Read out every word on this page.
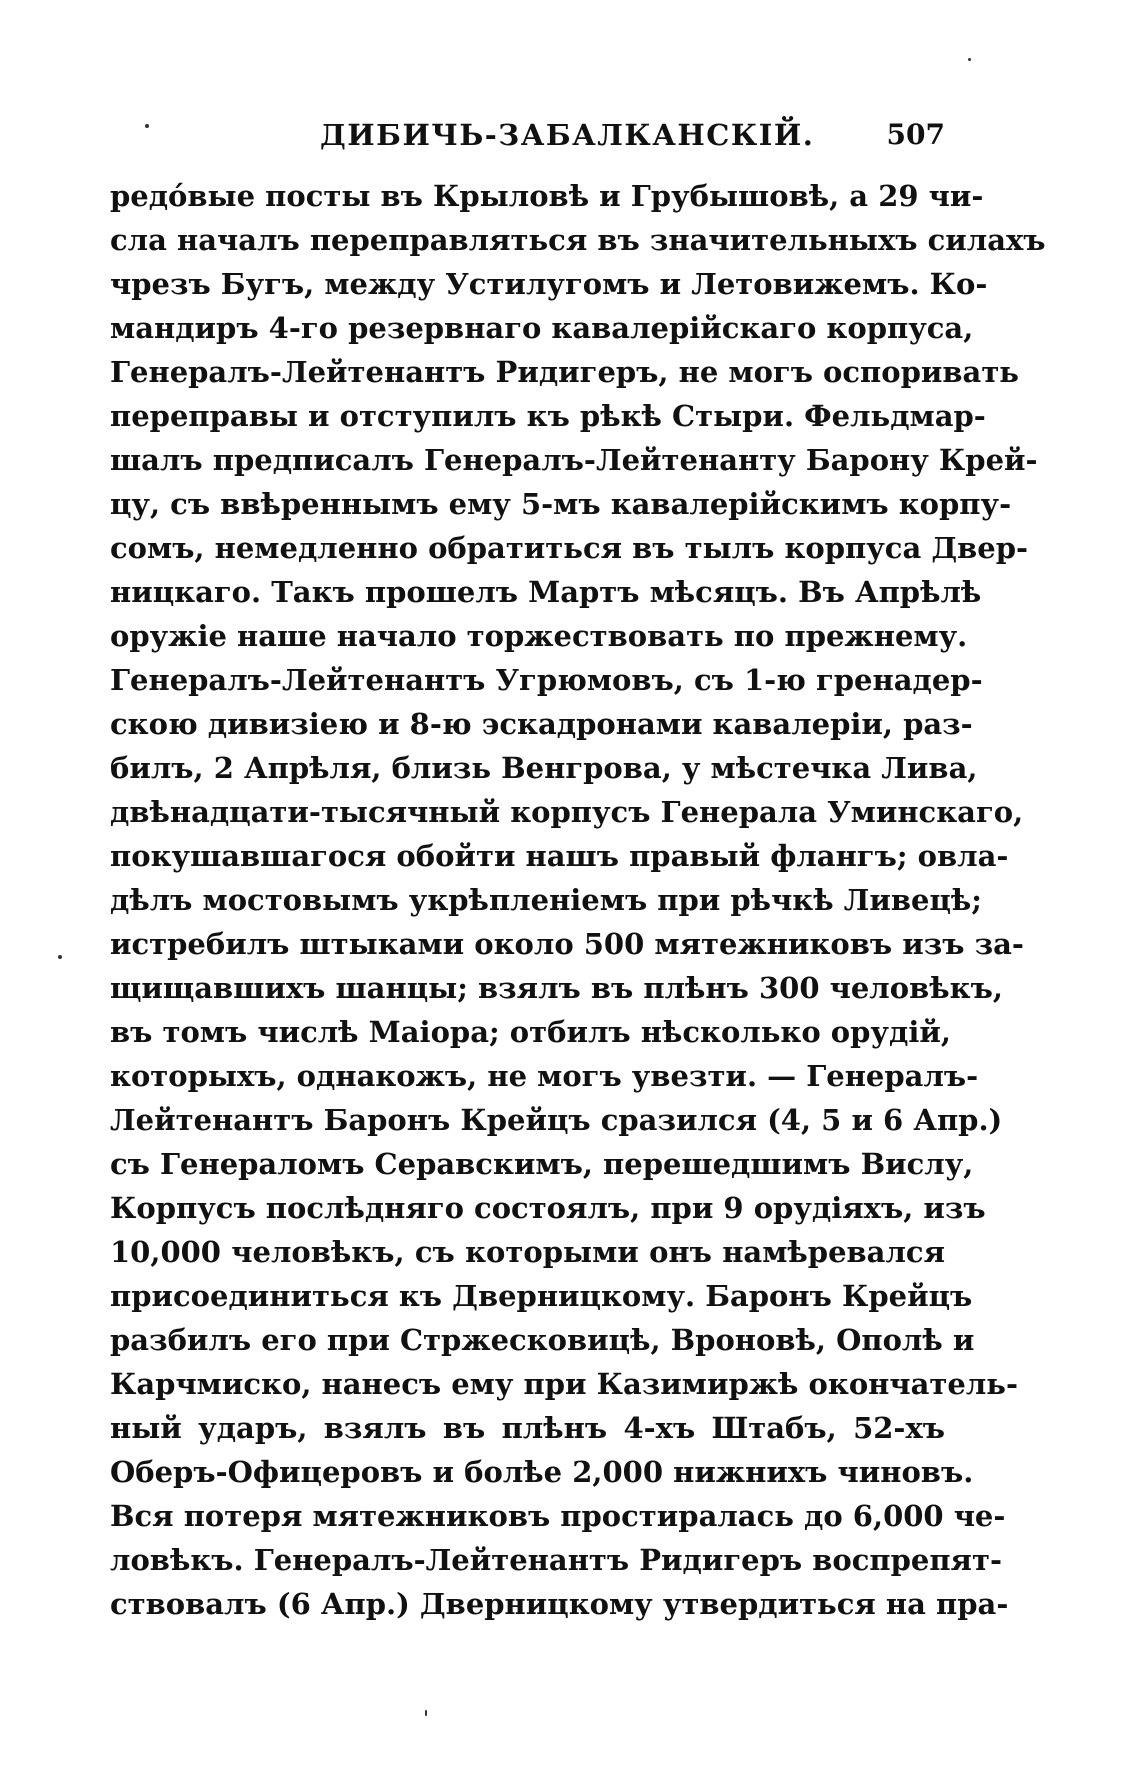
ДИБИЧЬ-ЗАБАЛКАНСКІЙ.	507
редо́вые посты въ Крыловѣ и Грубышовѣ, а 29 чи-
сла началъ переправляться въ значительныхъ силахъ
чрезъ Бугъ, между Устилугомъ и Летовижемъ. Ко-
мандиръ 4-го резервнаго кавалерійскаго корпуса,
Генералъ-Лейтенантъ Ридигеръ, не могъ оспоривать
переправы и отступилъ къ рѣкѣ Стыри. Фельдмар-
шалъ предписалъ Генералъ-Лейтенанту Барону Крей-
цу, съ ввѣреннымъ ему 5-мъ кавалерійскимъ корпу-
сомъ, немедленно обратиться въ тылъ корпуса Двер-
ницкаго. Такъ прошелъ Мартъ мѣсяцъ. Въ Апрѣлѣ
оружіе наше начало торжествовать по прежнему.
Генералъ-Лейтенантъ Угрюмовъ, съ 1-ю гренадер-
скою дивизіею и 8-ю эскадронами кавалеріи, раз-
билъ, 2 Апрѣля, близь Венгрова, у мѣстечка Лива,
двѣнадцати-тысячный корпусъ Генерала Уминскаго,
покушавшагося обойти нашъ правый флангъ; овла-
дѣлъ мостовымъ укрѣпленіемъ при рѣчкѣ Ливецѣ;
истребилъ штыками около 500 мятежниковъ изъ за-
щищавшихъ шанцы; взялъ въ плѣнъ 300 человѣкъ,
въ томъ числѣ Маіора; отбилъ нѣсколько орудій,
которыхъ, однакожъ, не могъ увезти. — Генералъ-
Лейтенантъ Баронъ Крейцъ сразился (4, 5 и 6 Апр.)
съ Генераломъ Серавскимъ, перешедшимъ Вислу,
Корпусъ послѣдняго состоялъ, при 9 орудіяхъ, изъ
10,000 человѣкъ, съ которыми онъ намѣревался
присоединиться къ Дверницкому. Баронъ Крейцъ
разбилъ его при Стржесковицѣ, Вроновѣ, Ополѣ и
Карчмиско, нанесъ ему при Казимиржѣ окончатель-
ный ударъ, взялъ въ плѣнъ 4-хъ Штабъ, 52-хъ
Оберъ-Офицеровъ и болѣе 2,000 нижнихъ чиновъ.
Вся потеря мятежниковъ простиралась до 6,000 че-
ловѣкъ. Генералъ-Лейтенантъ Ридигеръ воспрепят-
ствовалъ (6 Апр.) Дверницкому утвердиться на пра-
